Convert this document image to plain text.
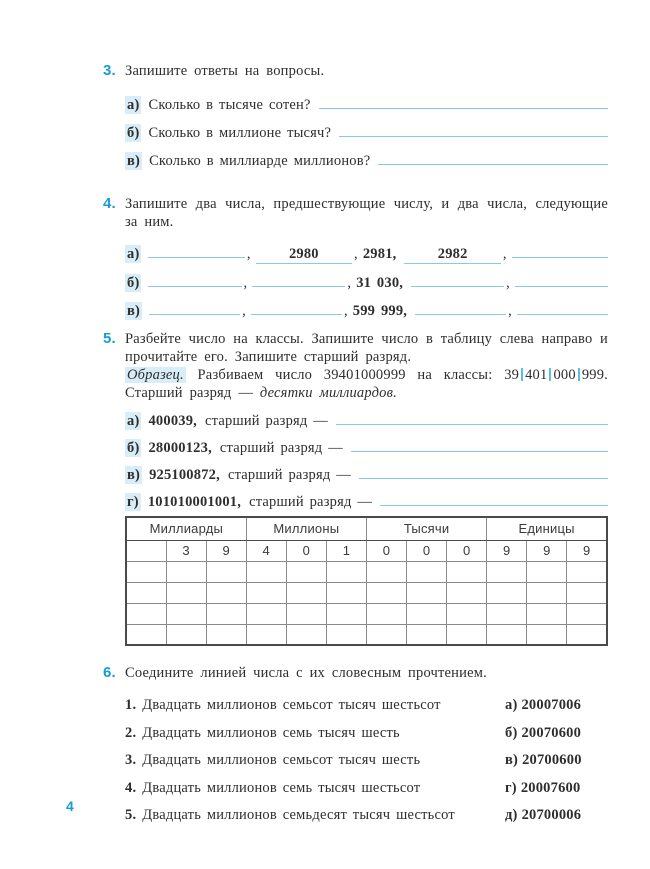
3. Запишите ответы на вопросы.

а) Сколько в тысяче сотен?
б) Сколько в миллионе тысяч?
в) Сколько в миллиарде миллионов?
4. Запишите два числа, предшествующие числу, и два числа, следующие за ним.

а)	,	2980	, 2981,	2982	,
б)	,	, 31 030,	,
в)	,	, 599 999,	,
5. Разбейте число на классы. Запишите число в таблицу слева направо и прочитайте его. Запишите старший разряд.

Образец. Разбиваем число 39401000999 на классы: 39 401 000 999. Старший разряд — десятки миллиардов.

а) 400039, старший разряд —
б) 28000123, старший разряд —
в) 925100872, старший разряд —
г) 101010001001, старший разряд —
Миллиарды			Миллионы			Тысячи			Единицы		
	3	9	4	0	1	0	0	0	9	9	9

6. Соедините линией числа с их словесным прочтением.

1. Двадцать миллионов семьсот тысяч шестьсот	а) 20007006
2. Двадцать миллионов семь тысяч шесть	б) 20070600
3. Двадцать миллионов семьсот тысяч шесть	в) 20700600
4. Двадцать миллионов семь тысяч шестьсот	г) 20007600
5. Двадцать миллионов семьдесят тысяч шестьсот	д) 20700006
4
